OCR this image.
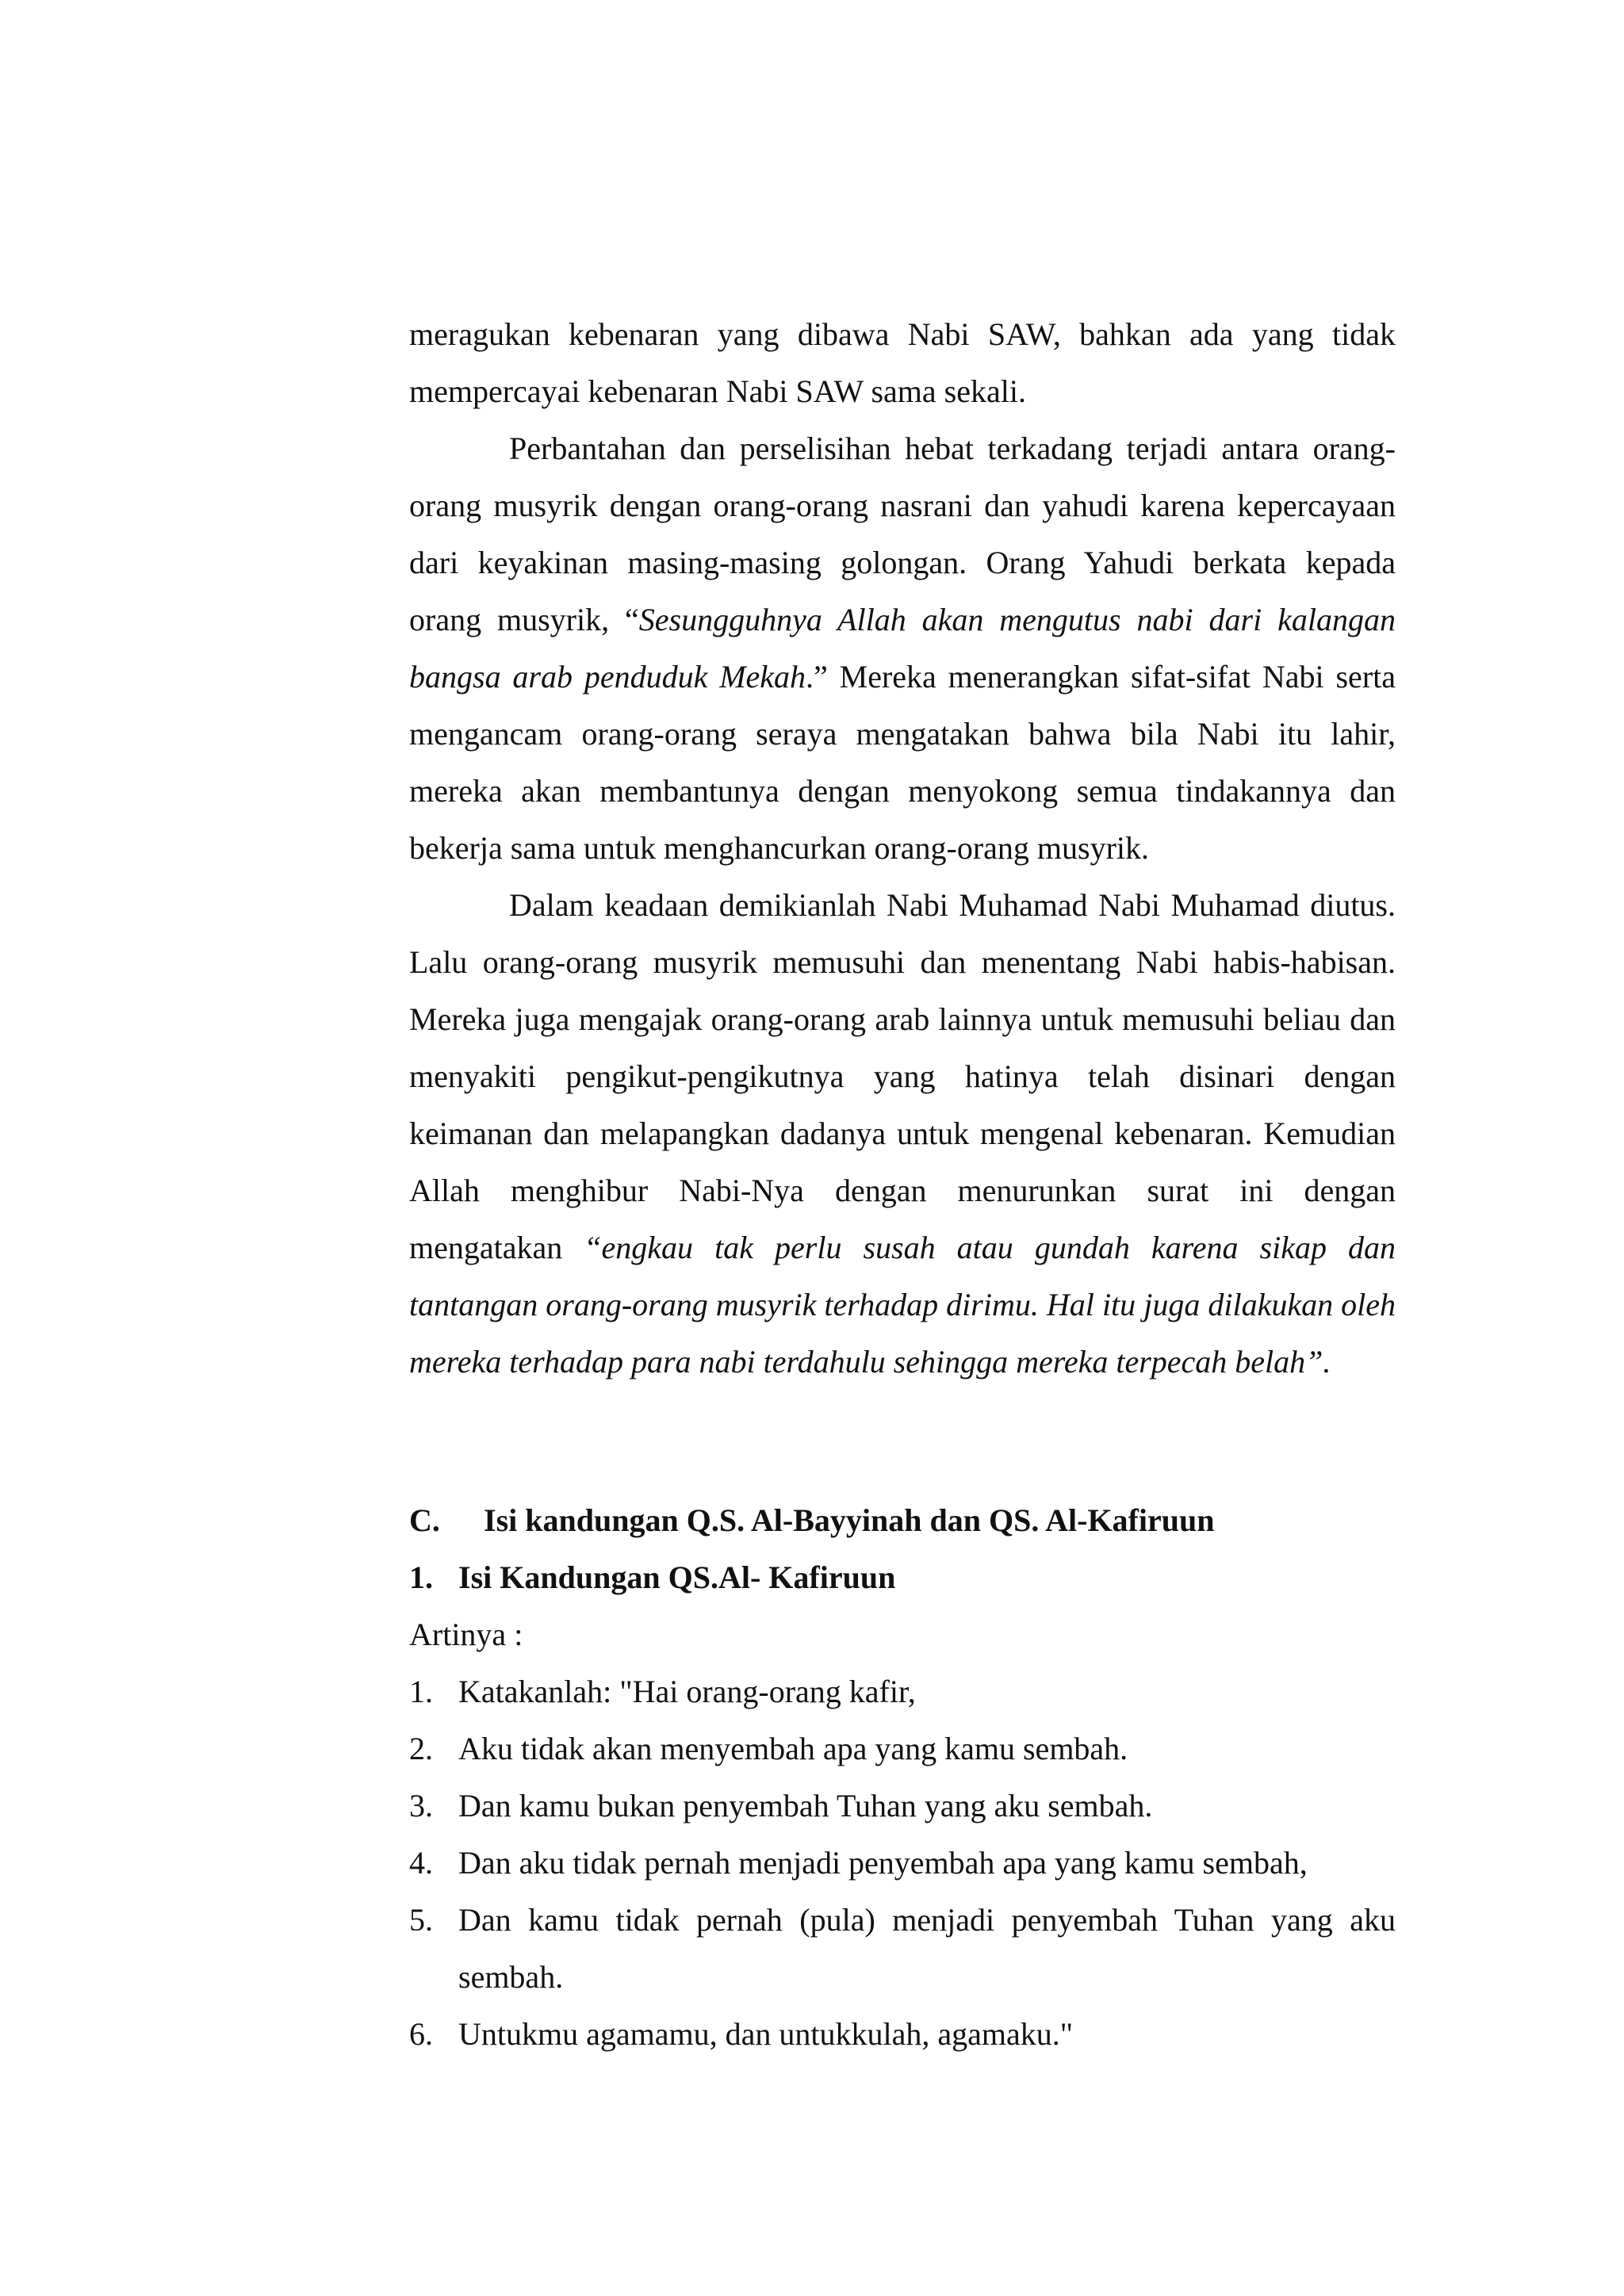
meragukan kebenaran yang dibawa Nabi SAW, bahkan ada yang tidak mempercayai kebenaran Nabi SAW sama sekali.

Perbantahan dan perselisihan hebat terkadang terjadi antara orang-orang musyrik dengan orang-orang nasrani dan yahudi karena kepercayaan dari keyakinan masing-masing golongan. Orang Yahudi berkata kepada orang musyrik, “Sesungguhnya Allah akan mengutus nabi dari kalangan bangsa arab penduduk Mekah.” Mereka menerangkan sifat-sifat Nabi serta mengancam orang-orang seraya mengatakan bahwa bila Nabi itu lahir, mereka akan membantunya dengan menyokong semua tindakannya dan bekerja sama untuk menghancurkan orang-orang musyrik.

Dalam keadaan demikianlah Nabi Muhamad Nabi Muhamad diutus. Lalu orang-orang musyrik memusuhi dan menentang Nabi habis-habisan. Mereka juga mengajak orang-orang arab lainnya untuk memusuhi beliau dan menyakiti pengikut-pengikutnya yang hatinya telah disinari dengan keimanan dan melapangkan dadanya untuk mengenal kebenaran. Kemudian Allah menghibur Nabi-Nya dengan menurunkan surat ini dengan mengatakan “engkau tak perlu susah atau gundah karena sikap dan tantangan orang-orang musyrik terhadap dirimu. Hal itu juga dilakukan oleh mereka terhadap para nabi terdahulu sehingga mereka terpecah belah”.

C. Isi kandungan Q.S. Al-Bayyinah dan QS. Al-Kafiruun
1. Isi Kandungan QS.Al- Kafiruun
Artinya :
1. Katakanlah: "Hai orang-orang kafir,
2. Aku tidak akan menyembah apa yang kamu sembah.
3. Dan kamu bukan penyembah Tuhan yang aku sembah.
4. Dan aku tidak pernah menjadi penyembah apa yang kamu sembah,
5. Dan kamu tidak pernah (pula) menjadi penyembah Tuhan yang aku sembah.
6. Untukmu agamamu, dan untukkulah, agamaku."
